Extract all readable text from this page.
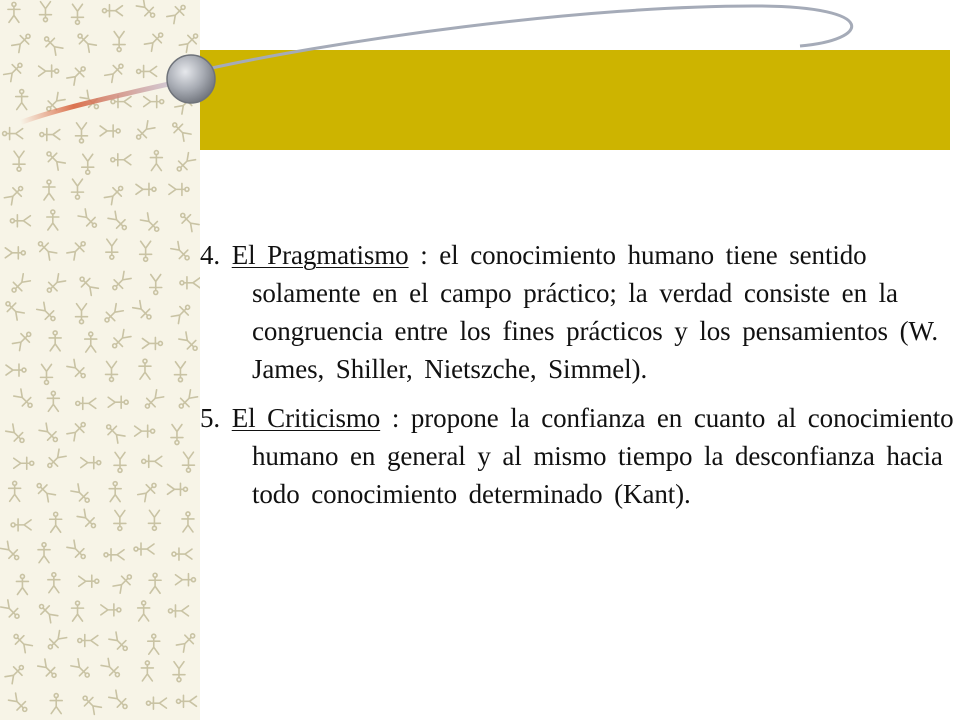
4. El Pragmatismo : el conocimiento humano tiene sentido solamente en el campo práctico; la verdad consiste en la congruencia entre los fines prácticos y los pensamientos (W. James, Shiller, Nietszche, Simmel).

5. El Criticismo : propone la confianza en cuanto al conocimiento humano en general y al mismo tiempo la desconfianza hacia todo conocimiento determinado (Kant).
